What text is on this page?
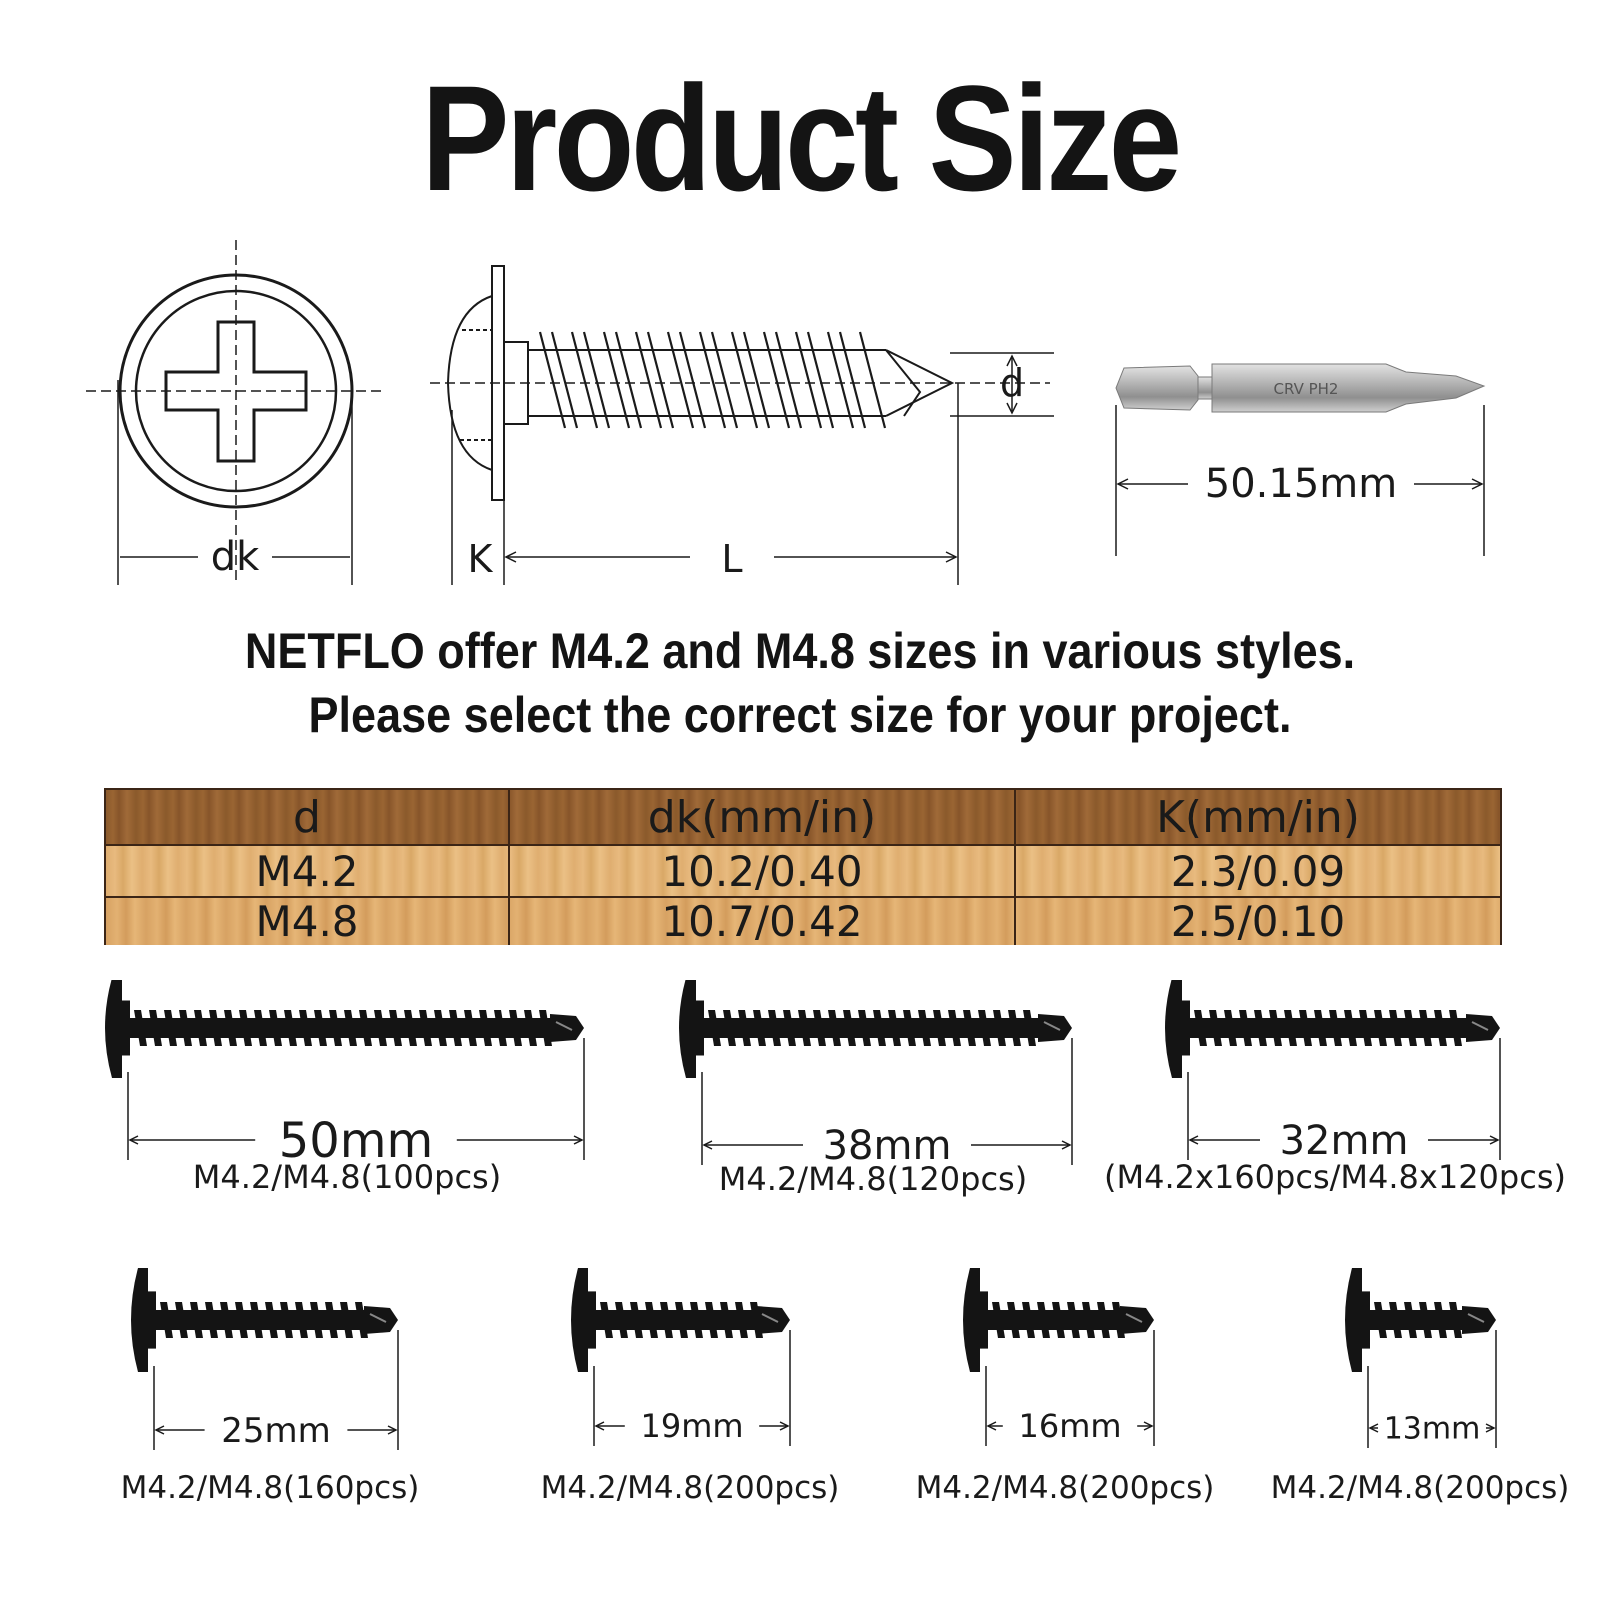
Product Size
dk	K	L
d	CRV PH2
50.15mm
NETFLO offer M4.2 and M4.8 sizes in various styles.
Please select the correct size for your project.
d	dk(mm/in)	K(mm/in)
M4.2	10.2/0.40	2.3/0.09
M4.8	10.7/0.42	2.5/0.10
50mm
M4.2/M4.8(100pcs)
38mm
M4.2/M4.8(120pcs)
32mm
(M4.2x160pcs/M4.8x120pcs)
25mm
M4.2/M4.8(160pcs)
19mm
M4.2/M4.8(200pcs)
16mm
M4.2/M4.8(200pcs)
13mm
M4.2/M4.8(200pcs)
